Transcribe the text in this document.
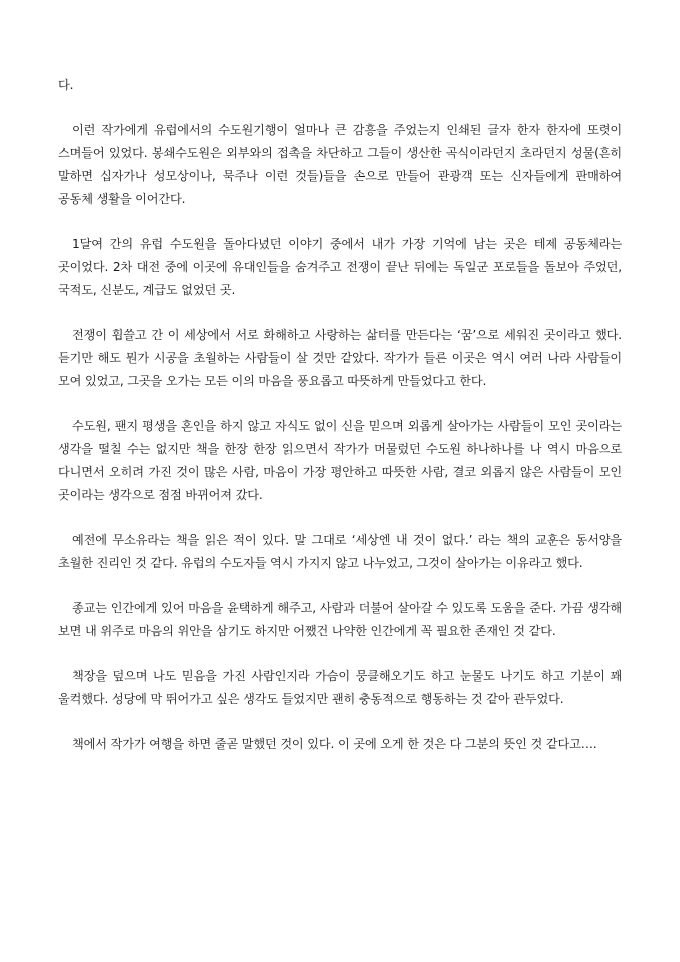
다.

이런 작가에게 유럽에서의 수도원기행이 얼마나 큰 감흥을 주었는지 인쇄된 글자 한자 한자에 또렷이 스며들어 있었다. 봉쇄수도원은 외부와의 접촉을 차단하고 그들이 생산한 곡식이라던지 초라던지 성물(흔히 말하면 십자가나 성모상이나, 묵주나 이런 것들)들을 손으로 만들어 관광객 또는 신자들에게 판매하여 공동체 생활을 이어간다.

1달여 간의 유럽 수도원을 돌아다녔던 이야기 중에서 내가 가장 기억에 남는 곳은 테제 공동체라는 곳이었다. 2차 대전 중에 이곳에 유대인들을 숨겨주고 전쟁이 끝난 뒤에는 독일군 포로들을 돌보아 주었던, 국적도, 신분도, 계급도 없었던 곳.

전쟁이 휩쓸고 간 이 세상에서 서로 화해하고 사랑하는 삶터를 만든다는 ‘꿈’으로 세워진 곳이라고 했다. 듣기만 해도 뭔가 시공을 초월하는 사람들이 살 것만 같았다. 작가가 들른 이곳은 역시 여러 나라 사람들이 모여 있었고, 그곳을 오가는 모든 이의 마음을 풍요롭고 따뜻하게 만들었다고 한다.

수도원, 팬지 평생을 혼인을 하지 않고 자식도 없이 신을 믿으며 외롭게 살아가는 사람들이 모인 곳이라는 생각을 떨칠 수는 없지만 책을 한장 한장 읽으면서 작가가 머물렀던 수도원 하나하나를 나 역시 마음으로 다니면서 오히려 가진 것이 많은 사람, 마음이 가장 평안하고 따뜻한 사람, 결코 외롭지 않은 사람들이 모인 곳이라는 생각으로 점점 바뀌어져 갔다.

예전에 무소유라는 책을 읽은 적이 있다. 말 그대로 ‘세상엔 내 것이 없다.’ 라는 책의 교훈은 동서양을 초월한 진리인 것 같다. 유럽의 수도자들 역시 가지지 않고 나누었고, 그것이 살아가는 이유라고 했다.

종교는 인간에게 있어 마음을 윤택하게 해주고, 사람과 더불어 살아갈 수 있도록 도움을 준다. 가끔 생각해 보면 내 위주로 마음의 위안을 삼기도 하지만 어쨌건 나약한 인간에게 꼭 필요한 존재인 것 같다.

책장을 덮으며 나도 믿음을 가진 사람인지라 가슴이 뭉클해오기도 하고 눈물도 나기도 하고 기분이 꽤 울컥했다. 성당에 막 뛰어가고 싶은 생각도 들었지만 괜히 충동적으로 행동하는 것 같아 관두었다.

책에서 작가가 여행을 하면 줄곧 말했던 것이 있다. 이 곳에 오게 한 것은 다 그분의 뜻인 것 같다고….
